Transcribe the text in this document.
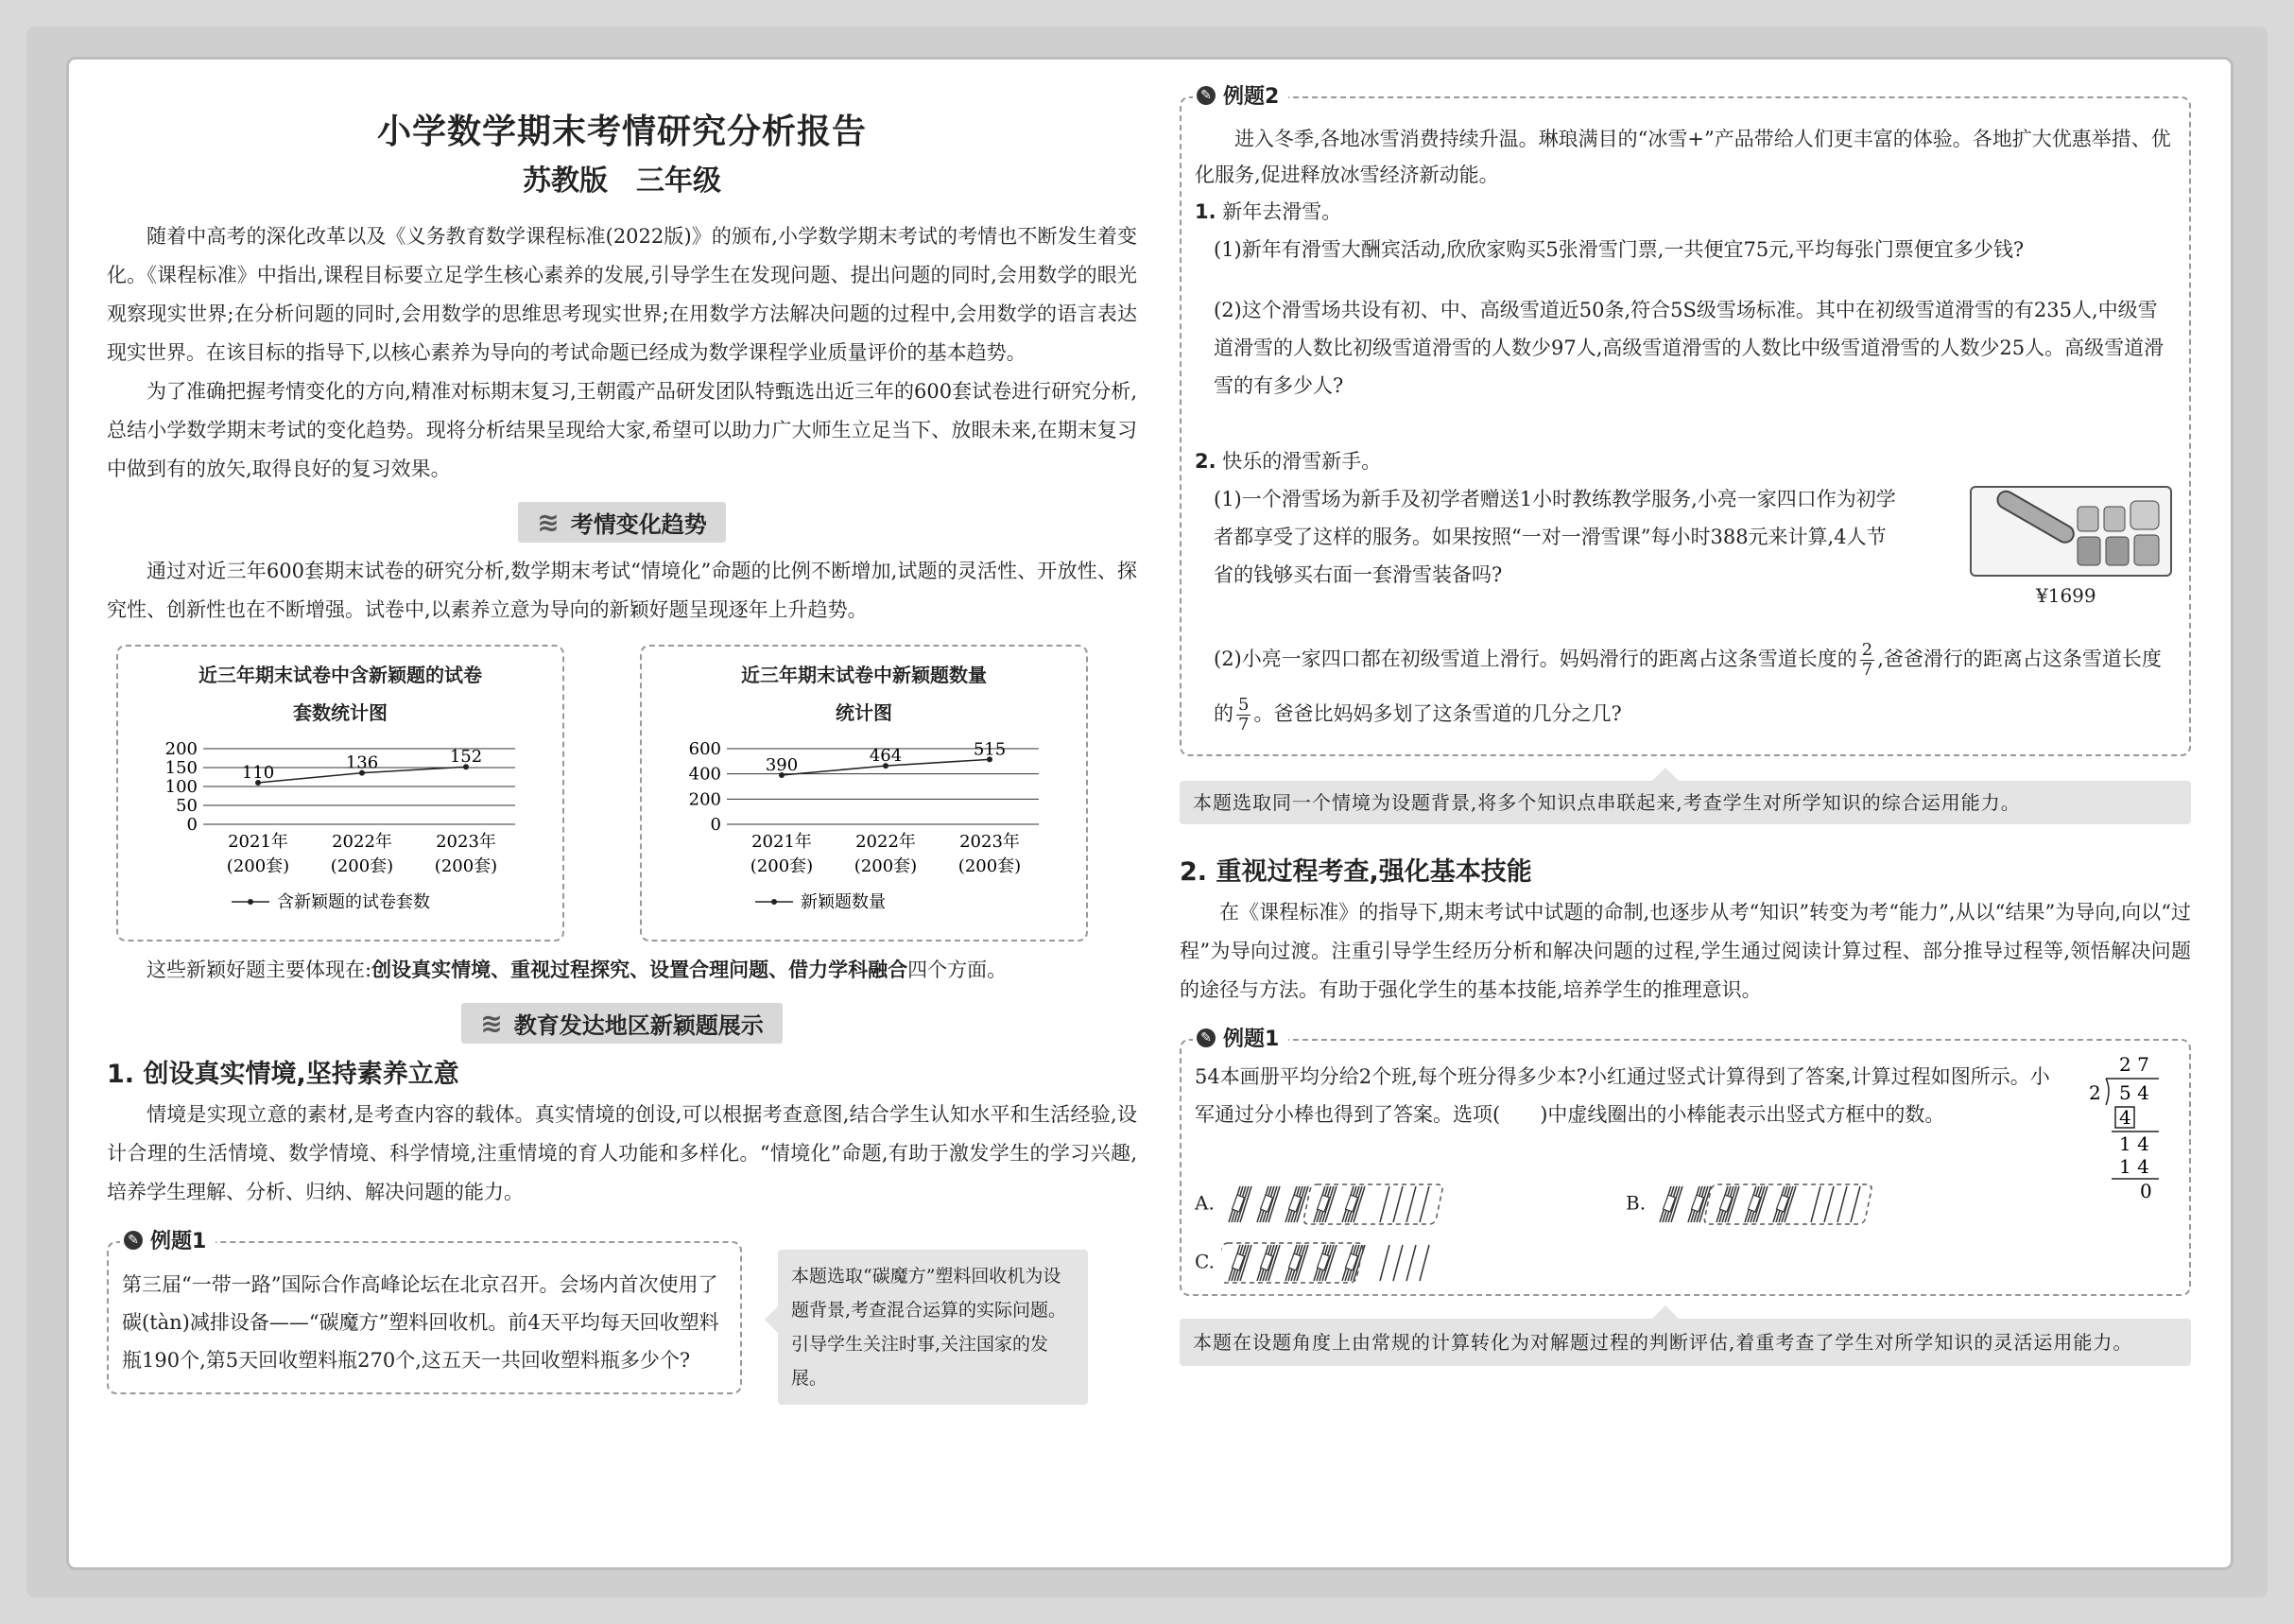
小学数学期末考情研究分析报告
苏教版　三年级

随着中高考的深化改革以及《义务教育数学课程标准(2022版)》的颁布,小学数学期末考试的考情也不断发生着变化。《课程标准》中指出,课程目标要立足学生核心素养的发展,引导学生在发现问题、提出问题的同时,会用数学的眼光观察现实世界;在分析问题的同时,会用数学的思维思考现实世界;在用数学方法解决问题的过程中,会用数学的语言表达现实世界。在该目标的指导下,以核心素养为导向的考试命题已经成为数学课程学业质量评价的基本趋势。

为了准确把握考情变化的方向,精准对标期末复习,王朝霞产品研发团队特甄选出近三年的600套试卷进行研究分析,总结小学数学期末考试的变化趋势。现将分析结果呈现给大家,希望可以助力广大师生立足当下、放眼未来,在期末复习中做到有的放矢,取得良好的复习效果。

≋ 考情变化趋势

通过对近三年600套期末试卷的研究分析,数学期末考试“情境化”命题的比例不断增加,试题的灵活性、开放性、探究性、创新性也在不断增强。试卷中,以素养立意为导向的新颖好题呈现逐年上升趋势。

近三年期末试卷中含新颖题的试卷
套数统计图
0
50
100
150
200
110
2021年
(200套)
136
2022年
(200套)
152
2023年
(200套)
含新颖题的试卷套数
近三年期末试卷中新颖题数量
统计图
0
200
400
600
390
2021年
(200套)
464
2022年
(200套)
515
2023年
(200套)
新颖题数量

这些新颖好题主要体现在:创设真实情境、重视过程探究、设置合理问题、借力学科融合四个方面。

≋ 教育发达地区新颖题展示
1. 创设真实情境,坚持素养立意

情境是实现立意的素材,是考查内容的载体。真实情境的创设,可以根据考查意图,结合学生认知水平和生活经验,设计合理的生活情境、数学情境、科学情境,注重情境的育人功能和多样化。“情境化”命题,有助于激发学生的学习兴趣,培养学生理解、分析、归纳、解决问题的能力。

✎ 例题1
第三届“一带一路”国际合作高峰论坛在北京召开。会场内首次使用了碳(tàn)减排设备——“碳魔方”塑料回收机。前4天平均每天回收塑料瓶190个,第5天回收塑料瓶270个,这五天一共回收塑料瓶多少个?
本题选取“碳魔方”塑料回收机为设题背景,考查混合运算的实际问题。引导学生关注时事,关注国家的发展。
✎ 例题2
进入冬季,各地冰雪消费持续升温。琳琅满目的“冰雪+”产品带给人们更丰富的体验。各地扩大优惠举措、优化服务,促进释放冰雪经济新动能。
1. 新年去滑雪。
(1)新年有滑雪大酬宾活动,欣欣家购买5张滑雪门票,一共便宜75元,平均每张门票便宜多少钱?
(2)这个滑雪场共设有初、中、高级雪道近50条,符合5S级雪场标准。其中在初级雪道滑雪的有235人,中级雪道滑雪的人数比初级雪道滑雪的人数少97人,高级雪道滑雪的人数比中级雪道滑雪的人数少25人。高级雪道滑雪的有多少人?
2. 快乐的滑雪新手。
(1)一个滑雪场为新手及初学者赠送1小时教练教学服务,小亮一家四口作为初学者都享受了这样的服务。如果按照“一对一滑雪课”每小时388元来计算,4人节省的钱够买右面一套滑雪装备吗?
¥1699
(2)小亮一家四口都在初级雪道上滑行。妈妈滑行的距离占这条雪道长度的 $\frac{2}{7}$ ,爸爸滑行的距离占这条雪道长度的 $\frac{5}{7}$ 。爸爸比妈妈多划了这条雪道的几分之几?
本题选取同一个情境为设题背景,将多个知识点串联起来,考查学生对所学知识的综合运用能力。
2. 重视过程考查,强化基本技能

在《课程标准》的指导下,期末考试中试题的命制,也逐步从考“知识”转变为考“能力”,从以“结果”为导向,向以“过程”为导向过渡。注重引导学生经历分析和解决问题的过程,学生通过阅读计算过程、部分推导过程等,领悟解决问题的途径与方法。有助于强化学生的基本技能,培养学生的推理意识。

✎ 例题1
54本画册平均分给2个班,每个班分得多少本?小红通过竖式计算得到了答案,计算过程如图所示。小军通过分小棒也得到了答案。选项(　　)中虚线圈出的小棒能表示出竖式方框中的数。
2 7
2 5 4
4
1 4
1 4
0
A.	B.
C.
本题在设题角度上由常规的计算转化为对解题过程的判断评估,着重考查了学生对所学知识的灵活运用能力。
